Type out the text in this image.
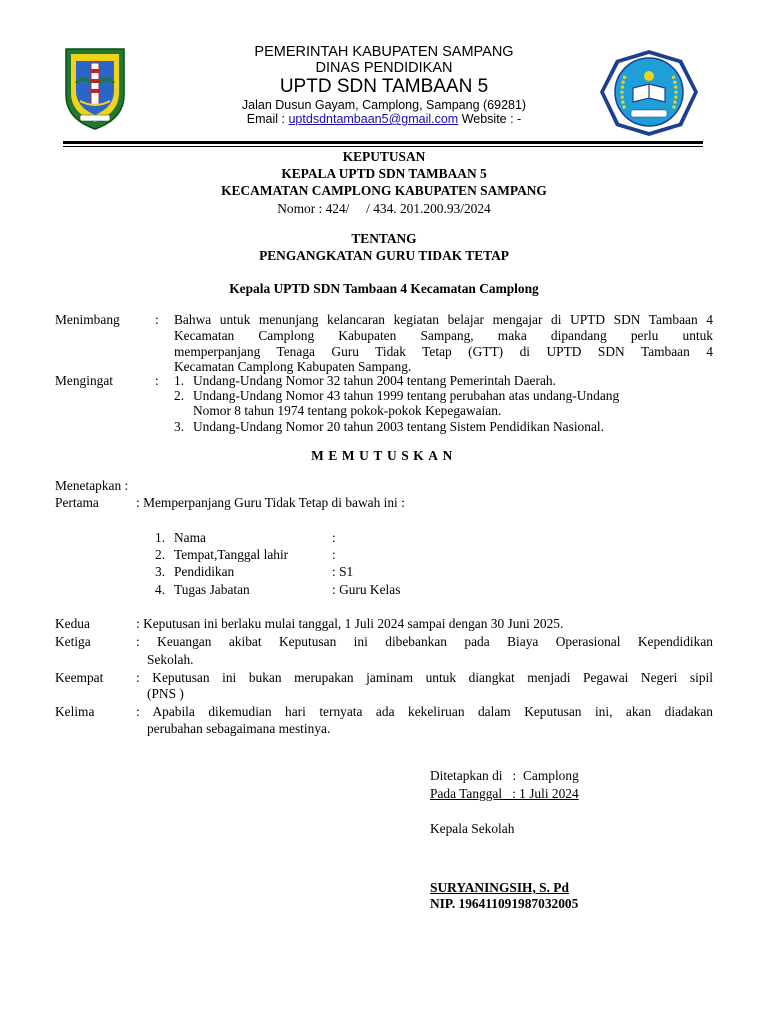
PEMERINTAH KABUPATEN SAMPANG
DINAS PENDIDIKAN
UPTD SDN TAMBAAN 5
Jalan Dusun Gayam, Camplong, Sampang (69281)
Email : uptdsdntambaan5@gmail.com Website : -
KEPUTUSAN
KEPALA UPTD SDN TAMBAAN 5
KECAMATAN CAMPLONG KABUPATEN SAMPANG
Nomor : 424/     / 434. 201.200.93/2024
TENTANG
PENGANGKATAN GURU TIDAK TETAP
Kepala UPTD SDN Tambaan 4 Kecamatan Camplong
Menimbang	: Bahwa untuk menunjang kelancaran kegiatan belajar mengajar di UPTD SDN Tambaan 4
Kecamatan Camplong Kabupaten Sampang, maka dipandang perlu untuk
memperpanjang Tenaga Guru Tidak Tetap (GTT) di UPTD SDN Tambaan 4
Kecamatan Camplong Kabupaten Sampang.
Mengingat	: 1. Undang-Undang Nomor 32 tahun 2004 tentang Pemerintah Daerah.
2. Undang-Undang Nomor 43 tahun 1999 tentang perubahan atas undang-Undang
Nomor 8 tahun 1974 tentang pokok-pokok Kepegawaian.
3. Undang-Undang Nomor 20 tahun 2003 tentang Sistem Pendidikan Nasional.
MEMUTUSKAN
Menetapkan :
Pertama	: Memperpanjang Guru Tidak Tetap di bawah ini :
1. Nama	:
2. Tempat,Tanggal lahir	:
3. Pendidikan	: S1
4. Tugas Jabatan	: Guru Kelas
Kedua	: Keputusan ini berlaku mulai tanggal, 1 Juli 2024 sampai dengan 30 Juni 2025.
Ketiga	: Keuangan akibat Keputusan ini dibebankan pada Biaya Operasional Kependidikan
Sekolah.
Keempat : Keputusan ini bukan merupakan jaminam untuk diangkat menjadi Pegawai Negeri sipil
(PNS )
Kelima	: Apabila dikemudian hari ternyata ada kekeliruan dalam Keputusan ini, akan diadakan
perubahan sebagaimana mestinya.
Ditetapkan di   :  Camplong
Pada Tanggal   : 1 Juli 2024
Kepala Sekolah
SURYANINGSIH, S. Pd
NIP. 196411091987032005
